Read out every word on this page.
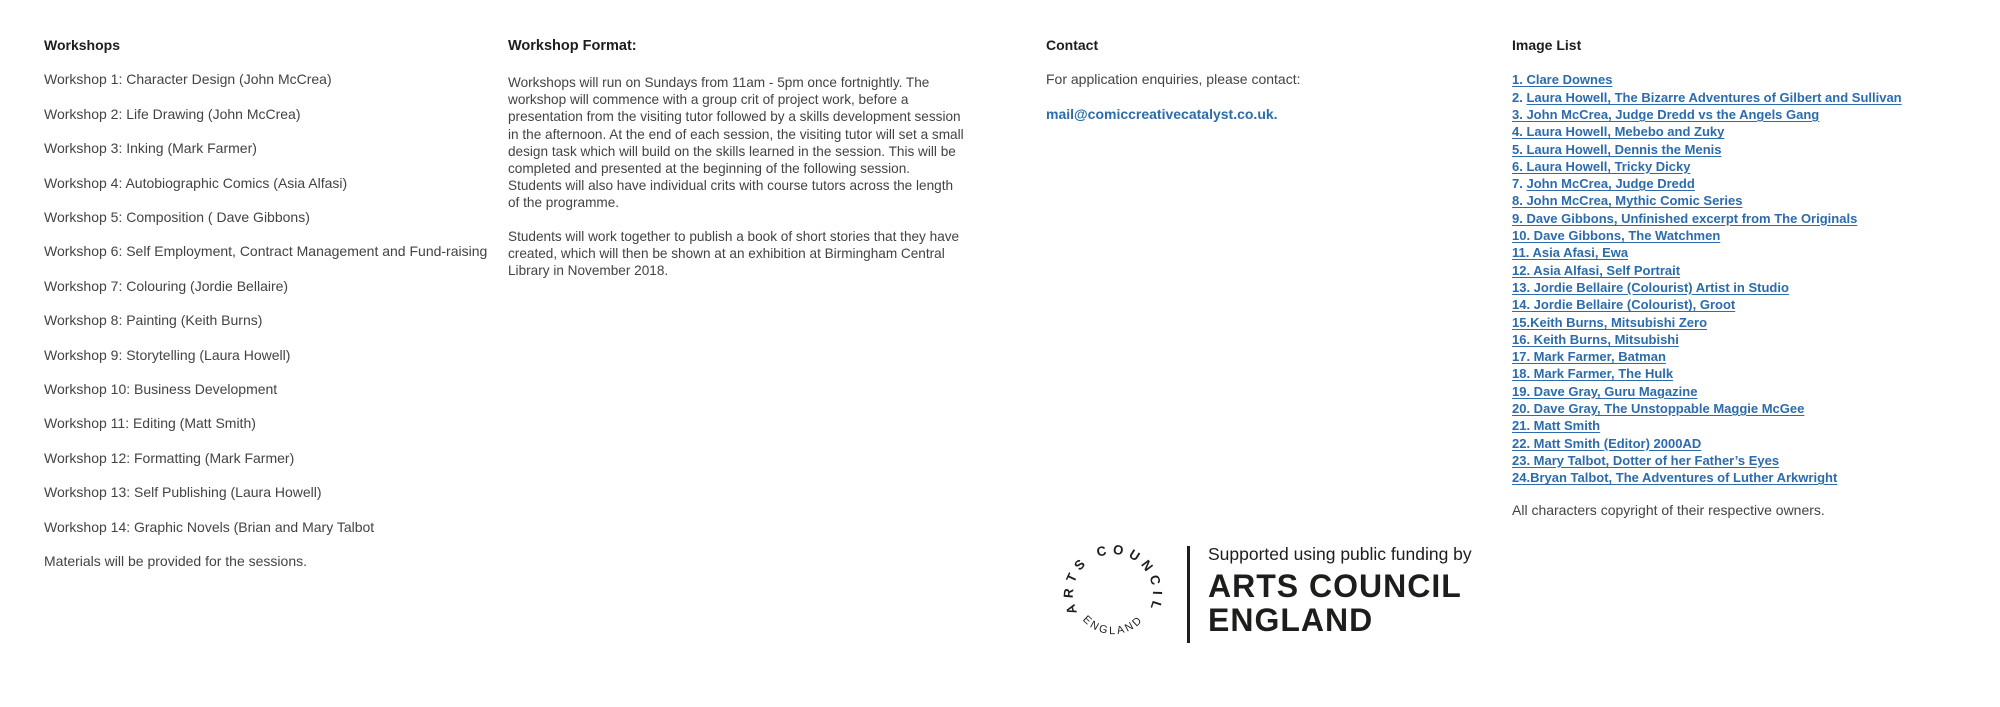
Workshops
Workshop 1: Character Design (John McCrea)
Workshop 2: Life Drawing (John McCrea)
Workshop 3: Inking (Mark Farmer)
Workshop 4: Autobiographic Comics (Asia Alfasi)
Workshop 5: Composition ( Dave Gibbons)
Workshop 6: Self Employment, Contract Management and Fund-raising
Workshop 7: Colouring (Jordie Bellaire)
Workshop 8: Painting (Keith Burns)
Workshop 9: Storytelling (Laura Howell)
Workshop 10: Business Development
Workshop 11: Editing (Matt Smith)
Workshop 12: Formatting (Mark Farmer)
Workshop 13: Self Publishing (Laura Howell)
Workshop 14: Graphic Novels (Brian and Mary Talbot
Materials will be provided for the sessions.
Workshop Format:

Workshops will run on Sundays from 11am - 5pm once fortnightly. The workshop will commence with a group crit of project work, before a presentation from the visiting tutor followed by a skills development session in the afternoon. At the end of each session, the visiting tutor will set a small design task which will build on the skills learned in the session. This will be completed and presented at the beginning of the following session. Students will also have individual crits with course tutors across the length of the programme.

Students will work together to publish a book of short stories that they have created, which will then be shown at an exhibition at Birmingham Central Library in November 2018.

Contact
For application enquiries, please contact:
mail@comiccreativecatalyst.co.uk.
Image List
1. Clare Downes
2. Laura Howell, The Bizarre Adventures of Gilbert and Sullivan
3. John McCrea, Judge Dredd vs the Angels Gang
4. Laura Howell, Mebebo and Zuky
5. Laura Howell, Dennis the Menis
6. Laura Howell, Tricky Dicky
7. John McCrea, Judge Dredd
8. John McCrea, Mythic Comic Series
9. Dave Gibbons, Unfinished excerpt from The Originals
10. Dave Gibbons, The Watchmen
11. Asia Afasi, Ewa
12. Asia Alfasi, Self Portrait
13. Jordie Bellaire (Colourist) Artist in Studio
14. Jordie Bellaire (Colourist), Groot
15.Keith Burns, Mitsubishi Zero
16. Keith Burns, Mitsubishi
17. Mark Farmer, Batman
18. Mark Farmer, The Hulk
19. Dave Gray, Guru Magazine
20. Dave Gray, The Unstoppable Maggie McGee
21. Matt Smith
22. Matt Smith (Editor) 2000AD
23. Mary Talbot, Dotter of her Father’s Eyes
24.Bryan Talbot, The Adventures of Luther Arkwright
All characters copyright of their respective owners.
ARTS COUNCIL
ENGLAND
Supported using public funding by
ARTS COUNCIL
ENGLAND
